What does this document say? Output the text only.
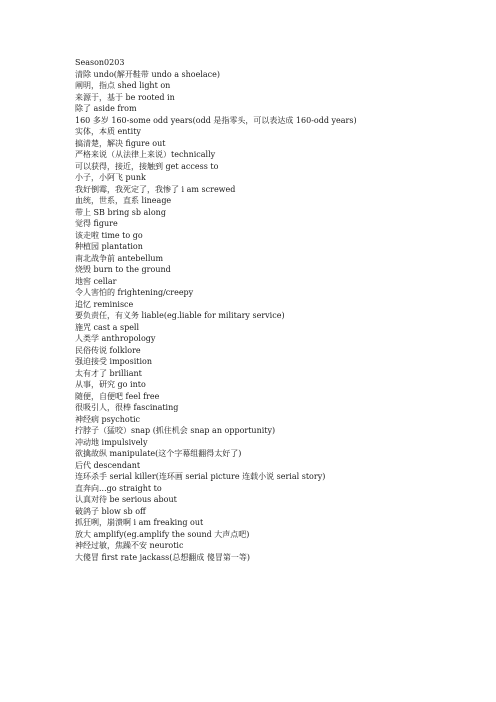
Season0203
清除 undo(解开鞋带 undo a shoelace)
阐明，指点 shed light on
来源于，基于 be rooted in
除了 aside from
160 多岁 160-some odd years(odd 是指零头，可以表达成 160-odd years)
实体，本质 entity
搞清楚，解决 figure out
严格来说（从法律上来说）technically
可以获得，接近，接触到 get access to
小子，小阿飞 punk
我好倒霉，我死定了，我惨了 i am screwed
血统，世系，直系 lineage
带上 SB bring sb along
觉得 figure
该走啦 time to go
种植园 plantation
南北战争前 antebellum
烧毁 burn to the ground
地窖 cellar
令人害怕的 frightening/creepy
追忆 reminisce
要负责任，有义务 liable(eg.liable for military service)
施咒 cast a spell
人类学 anthropology
民俗传说 folklore
强迫接受 imposition
太有才了 brilliant
从事，研究 go into
随便，自便吧 feel free
很吸引人，很棒 fascinating
神经病 psychotic
拧脖子（猛咬）snap (抓住机会 snap an opportunity)
冲动地 impulsively
欲擒故纵 manipulate(这个字幕组翻得太好了)
后代 descendant
连环杀手 serial killer(连环画 serial picture 连载小说 serial story)
直奔向...go straight to
认真对待 be serious about
破鸽子 blow sb off
抓狂咧，崩溃啊 i am freaking out
放大 amplify(eg.amplify the sound 大声点吧)
神经过敏，焦躁不安 neurotic
大傻冒 first rate jackass(总想翻成 傻冒第一等)
